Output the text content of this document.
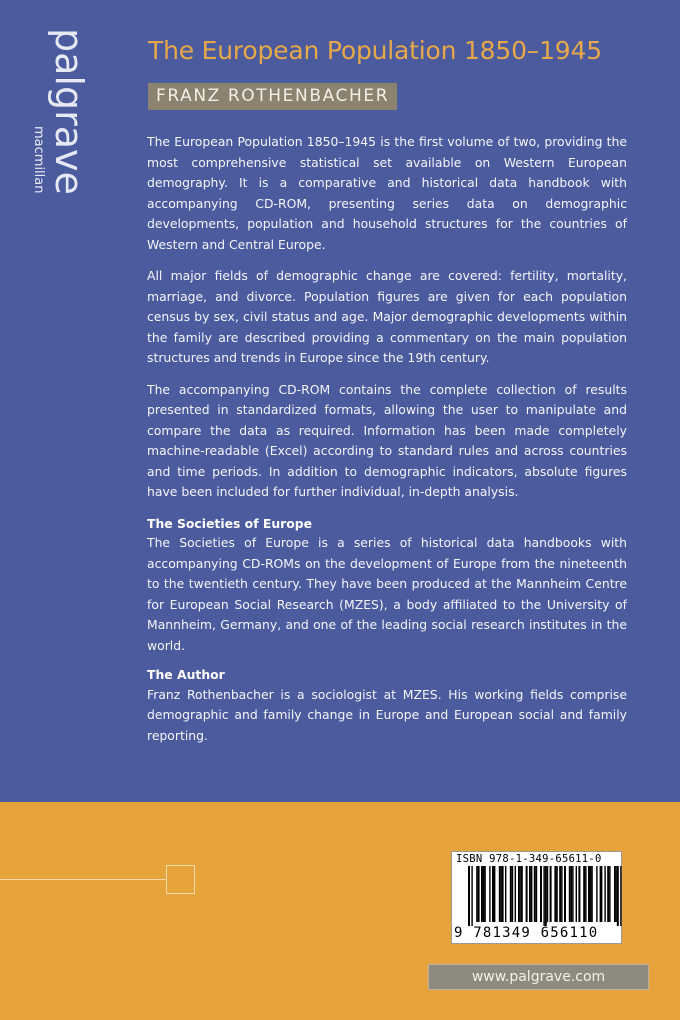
palgrave
macmillan
The European Population 1850–1945
FRANZ ROTHENBACHER

The European Population 1850–1945 is the first volume of two, providing the most comprehensive statistical set available on Western European demography. It is a comparative and historical data handbook with accompanying CD-ROM, presenting series data on demographic developments, population and household structures for the countries of Western and Central Europe.

All major fields of demographic change are covered: fertility, mortality, marriage, and divorce. Population figures are given for each population census by sex, civil status and age. Major demographic developments within the family are described providing a commentary on the main population structures and trends in Europe since the 19th century.

The accompanying CD-ROM contains the complete collection of results presented in standardized formats, allowing the user to manipulate and compare the data as required. Information has been made completely machine-readable (Excel) according to standard rules and across countries and time periods. In addition to demographic indicators, absolute figures have been included for further individual, in-depth analysis.

The Societies of Europe

The Societies of Europe is a series of historical data handbooks with accompanying CD-ROMs on the development of Europe from the nineteenth to the twentieth century. They have been produced at the Mannheim Centre for European Social Research (MZES), a body affiliated to the University of Mannheim, Germany, and one of the leading social research institutes in the world.

The Author

Franz Rothenbacher is a sociologist at MZES. His working fields comprise demographic and family change in Europe and European social and family reporting.

ISBN 978-1-349-65611-0
9 781349 656110
www.palgrave.com
